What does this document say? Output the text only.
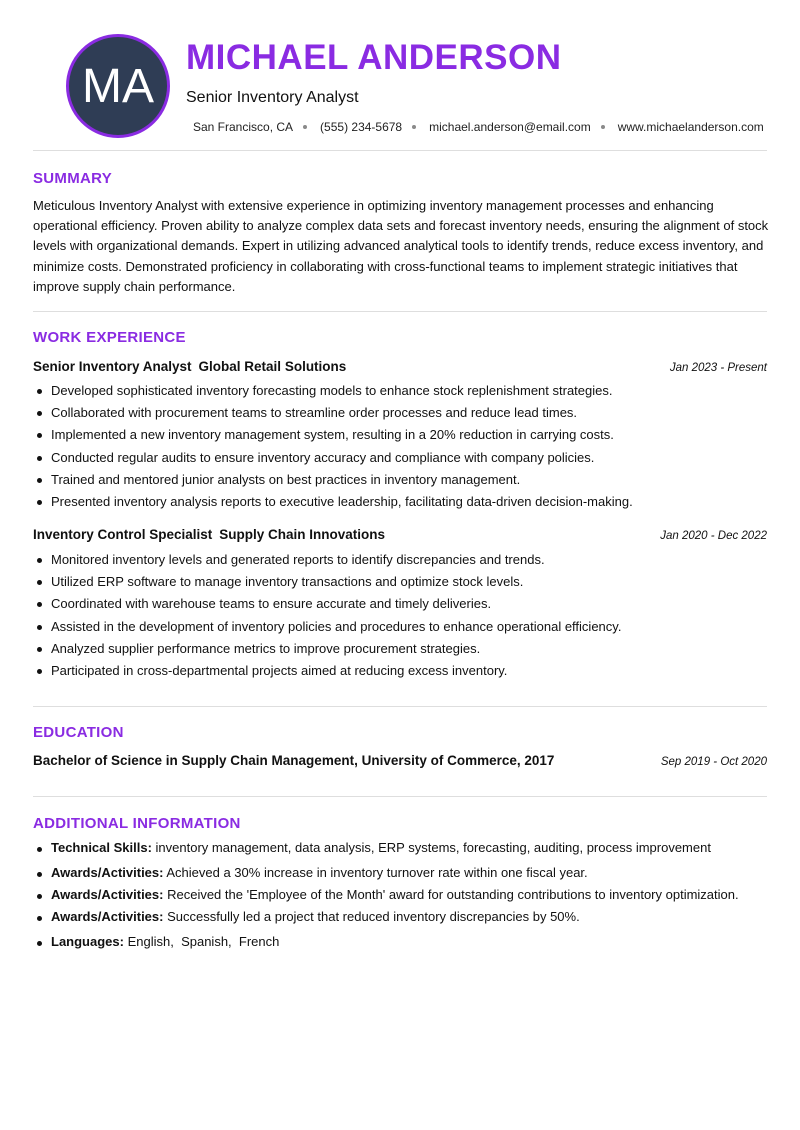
MA
MICHAEL ANDERSON
Senior Inventory Analyst
San Francisco, CA (555) 234-5678 michael.anderson@email.com www.michaelanderson.com
SUMMARY
Meticulous Inventory Analyst with extensive experience in optimizing inventory management processes and enhancing operational efficiency. Proven ability to analyze complex data sets and forecast inventory needs, ensuring the alignment of stock levels with organizational demands. Expert in utilizing advanced analytical tools to identify trends, reduce excess inventory, and minimize costs. Demonstrated proficiency in collaborating with cross-functional teams to implement strategic initiatives that improve supply chain performance.
WORK EXPERIENCE
Senior Inventory Analyst Global Retail Solutions	Jan 2023 - Present
Developed sophisticated inventory forecasting models to enhance stock replenishment strategies.
Collaborated with procurement teams to streamline order processes and reduce lead times.
Implemented a new inventory management system, resulting in a 20% reduction in carrying costs.
Conducted regular audits to ensure inventory accuracy and compliance with company policies.
Trained and mentored junior analysts on best practices in inventory management.
Presented inventory analysis reports to executive leadership, facilitating data-driven decision-making.
Inventory Control Specialist Supply Chain Innovations	Jan 2020 - Dec 2022
Monitored inventory levels and generated reports to identify discrepancies and trends.
Utilized ERP software to manage inventory transactions and optimize stock levels.
Coordinated with warehouse teams to ensure accurate and timely deliveries.
Assisted in the development of inventory policies and procedures to enhance operational efficiency.
Analyzed supplier performance metrics to improve procurement strategies.
Participated in cross-departmental projects aimed at reducing excess inventory.
EDUCATION
Bachelor of Science in Supply Chain Management, University of Commerce, 2017	Sep 2019 - Oct 2020
ADDITIONAL INFORMATION
Technical Skills: inventory management, data analysis, ERP systems, forecasting, auditing, process improvement
Awards/Activities: Achieved a 30% increase in inventory turnover rate within one fiscal year.
Awards/Activities: Received the 'Employee of the Month' award for outstanding contributions to inventory optimization.
Awards/Activities: Successfully led a project that reduced inventory discrepancies by 50%.
Languages: English,  Spanish,  French
